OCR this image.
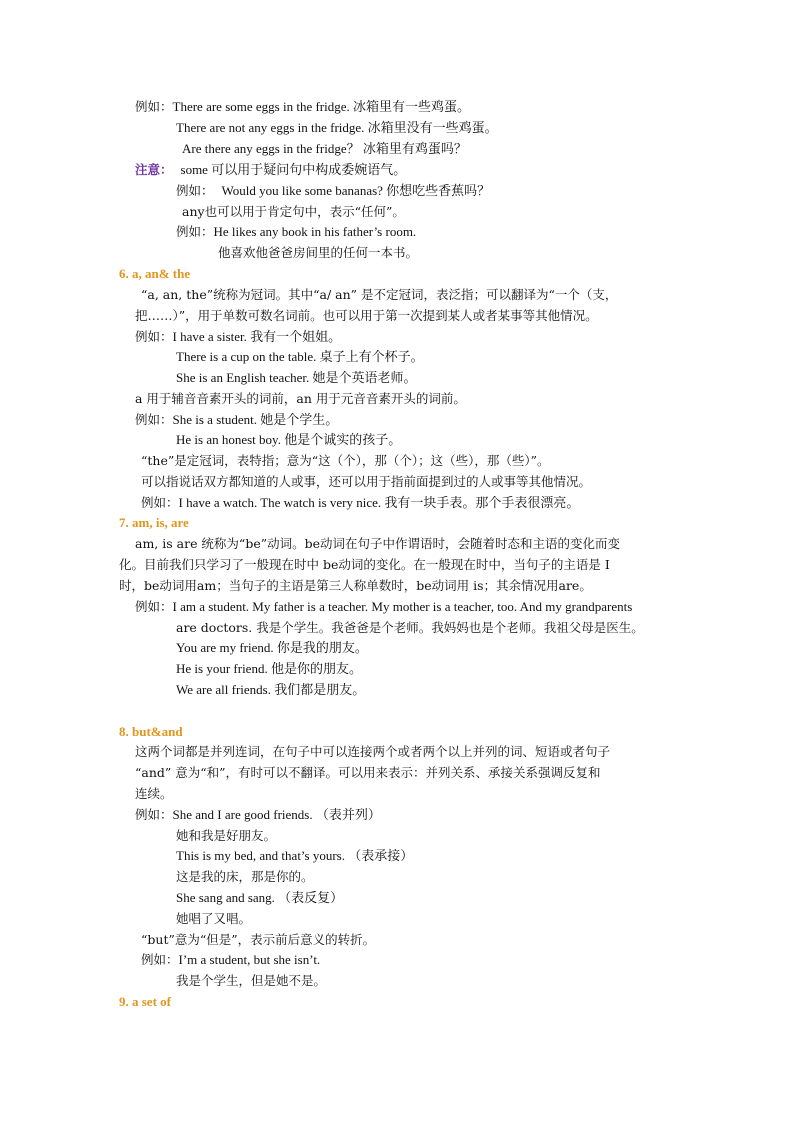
例如：There are some eggs in the fridge. 冰箱里有一些鸡蛋。
There are not any eggs in the fridge. 冰箱里没有一些鸡蛋。
Are there any eggs in the fridge？ 冰箱里有鸡蛋吗？
注意： some 可以用于疑问句中构成委婉语气。
例如： Would you like some bananas? 你想吃些香蕉吗？
any也可以用于肯定句中，表示“任何”。
例如：He likes any book in his father’s room.
他喜欢他爸爸房间里的任何一本书。
6. a, an& the
“a, an, the”统称为冠词。其中“a/ an” 是不定冠词，表泛指；可以翻译为“一个（支，
把……）”，用于单数可数名词前。也可以用于第一次提到某人或者某事等其他情况。
例如：I have a sister. 我有一个姐姐。
There is a cup on the table. 桌子上有个杯子。
She is an English teacher. 她是个英语老师。
a 用于辅音音素开头的词前，an 用于元音音素开头的词前。
例如：She is a student. 她是个学生。
He is an honest boy. 他是个诚实的孩子。
“the”是定冠词，表特指；意为“这（个），那（个）；这（些），那（些）”。
可以指说话双方都知道的人或事，还可以用于指前面提到过的人或事等其他情况。
例如：I have a watch. The watch is very nice. 我有一块手表。那个手表很漂亮。
7. am, is, are
am, is are 统称为“be”动词。be动词在句子中作谓语时，会随着时态和主语的变化而变
化。目前我们只学习了一般现在时中 be动词的变化。在一般现在时中，当句子的主语是 I
时，be动词用am；当句子的主语是第三人称单数时，be动词用 is；其余情况用are。
例如：I am a student. My father is a teacher. My mother is a teacher, too. And my grandparents
are doctors. 我是个学生。我爸爸是个老师。我妈妈也是个老师。我祖父母是医生。
You are my friend. 你是我的朋友。
He is your friend. 他是你的朋友。
We are all friends. 我们都是朋友。
8. but&and
这两个词都是并列连词，在句子中可以连接两个或者两个以上并列的词、短语或者句子
“and” 意为“和”，有时可以不翻译。可以用来表示：并列关系、承接关系强调反复和
连续。
例如：She and I are good friends. （表并列）
她和我是好朋友。
This is my bed, and that’s yours. （表承接）
这是我的床，那是你的。
She sang and sang. （表反复）
她唱了又唱。
“but”意为“但是”，表示前后意义的转折。
例如：I’m a student, but she isn’t.
我是个学生，但是她不是。
9. a set of
